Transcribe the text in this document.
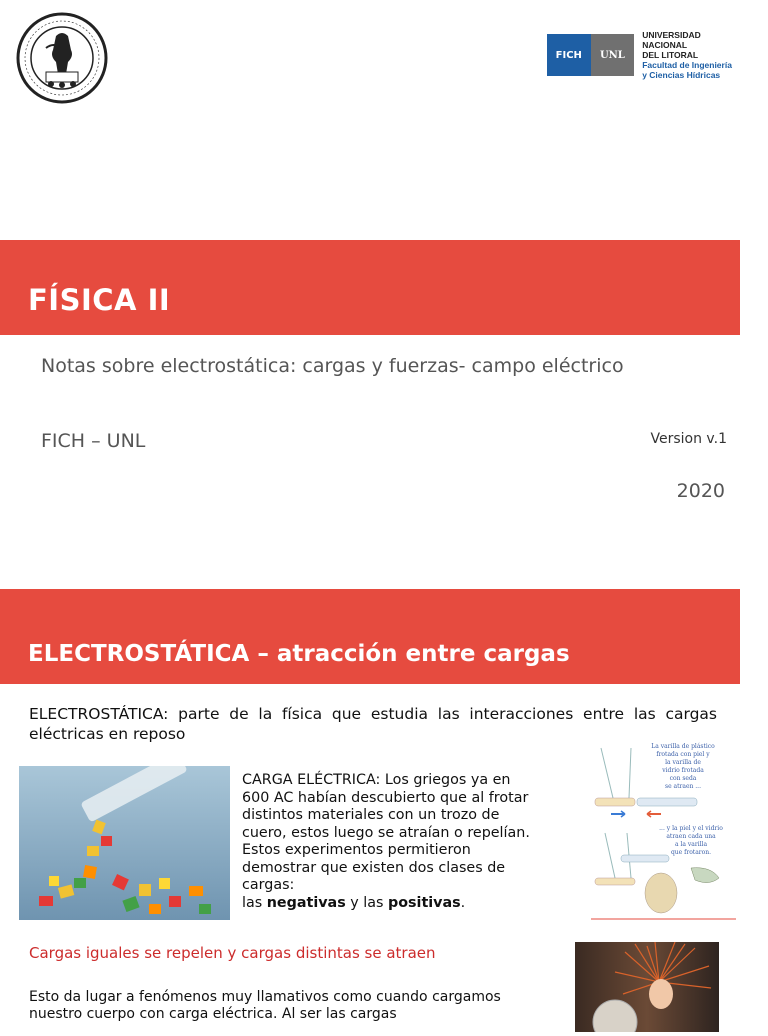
FICH	UNL
UNIVERSIDAD NACIONAL
DEL LITORAL
Facultad de Ingeniería
y Ciencias Hídricas
FÍSICA II
Notas sobre electrostática: cargas y fuerzas- campo eléctrico
FICH – UNL	Version v.1
2020
ELECTROSTÁTICA – atracción entre cargas
ELECTROSTÁTICA: parte de la física que estudia las interacciones entre las cargas eléctricas en reposo
CARGA ELÉCTRICA: Los griegos ya en 600 AC habían descubierto que al frotar distintos materiales con un trozo de cuero, estos luego se atraían o repelían. Estos experimentos permitieron demostrar que existen dos clases de cargas:
las negativas y las positivas.
La varilla de plástico
frotada con piel y
la varilla de
vidrio frotada
con seda
se atraen ...
... y la piel y el vidrio
atraen cada una
a la varilla
que frotaron.
Cargas iguales se repelen y cargas distintas se atraen
Esto da lugar a fenómenos muy llamativos como cuando cargamos nuestro cuerpo con carga eléctrica. Al ser las cargas
